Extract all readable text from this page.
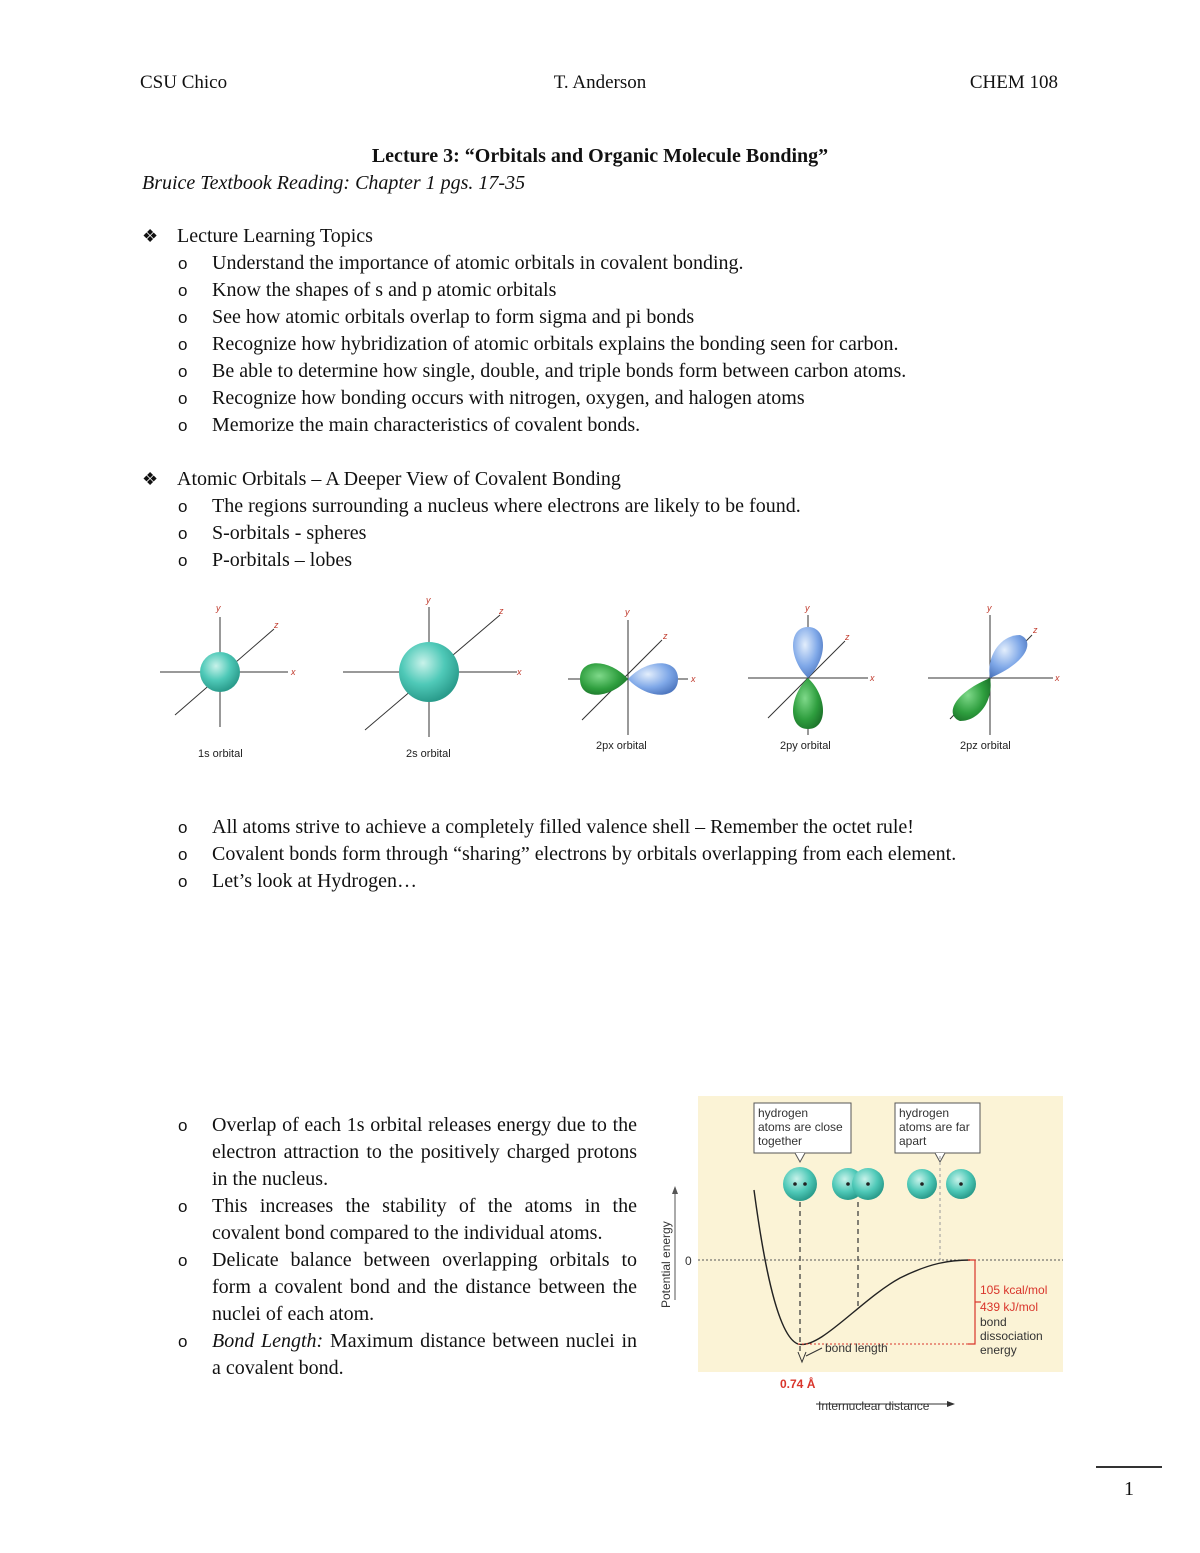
CSU Chico	T. Anderson	CHEM 108
Lecture 3: “Orbitals and Organic Molecule Bonding”
Bruice Textbook Reading: Chapter 1 pgs. 17-35
❖ Lecture Learning Topics
o Understand the importance of atomic orbitals in covalent bonding.
o Know the shapes of s and p atomic orbitals
o See how atomic orbitals overlap to form sigma and pi bonds
o Recognize how hybridization of atomic orbitals explains the bonding seen for carbon.
o Be able to determine how single, double, and triple bonds form between carbon atoms.
o Recognize how bonding occurs with nitrogen, oxygen, and halogen atoms
o Memorize the main characteristics of covalent bonds.
❖ Atomic Orbitals – A Deeper View of Covalent Bonding
o The regions surrounding a nucleus where electrons are likely to be found.
o S-orbitals - spheres
o P-orbitals – lobes
y
x
z
1s orbital
y
x
z
2s orbital
y
x
z
2px orbital
y
x
z
2py orbital
y
x
z
2pz orbital
o All atoms strive to achieve a completely filled valence shell – Remember the octet rule!
o Covalent bonds form through “sharing” electrons by orbitals overlapping from each element.
o Let’s look at Hydrogen…
o Overlap of each 1s orbital releases energy due to the electron attraction to the positively charged protons in the nucleus.
o This increases the stability of the atoms in the covalent bond compared to the individual atoms.
o Delicate balance between overlapping orbitals to form a covalent bond and the distance between the nuclei of each atom.
o Bond Length: Maximum distance between nuclei in a covalent bond.
hydrogen
atoms are close
together
hydrogen
atoms are far
apart
Potential energy
Internuclear distance
0
105 kcal/mol
439 kJ/mol
bond
dissociation
energy
bond length
0.74 Å
1
